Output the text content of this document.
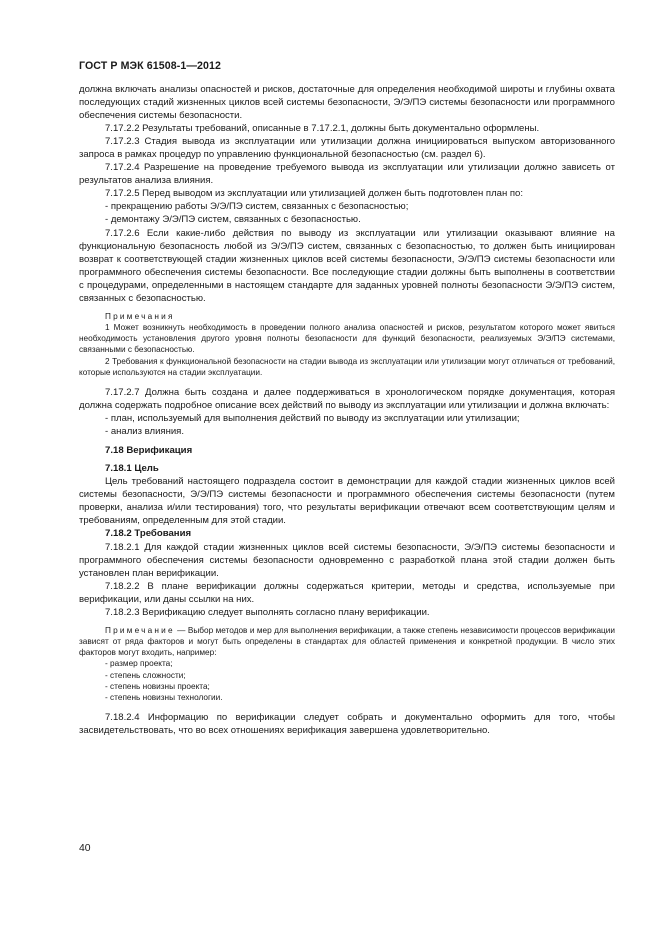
ГОСТ Р МЭК 61508-1—2012

должна включать анализы опасностей и рисков, достаточные для определения необходимой широты и глубины охвата последующих стадий жизненных циклов всей системы безопасности, Э/Э/ПЭ системы безопасности или программного обеспечения системы безопасности.

7.17.2.2 Результаты требований, описанные в 7.17.2.1, должны быть документально оформлены.

7.17.2.3 Стадия вывода из эксплуатации или утилизации должна инициироваться выпуском авторизованного запроса в рамках процедур по управлению функциональной безопасностью (см. раздел 6).

7.17.2.4 Разрешение на проведение требуемого вывода из эксплуатации или утилизации должно зависеть от результатов анализа влияния.

7.17.2.5 Перед выводом из эксплуатации или утилизацией должен быть подготовлен план по:

- прекращению работы Э/Э/ПЭ систем, связанных с безопасностью;

- демонтажу Э/Э/ПЭ систем, связанных с безопасностью.

7.17.2.6 Если какие-либо действия по выводу из эксплуатации или утилизации оказывают влияние на функциональную безопасность любой из Э/Э/ПЭ систем, связанных с безопасностью, то должен быть инициирован возврат к соответствующей стадии жизненных циклов всей системы безопасности, Э/Э/ПЭ системы безопасности или программного обеспечения системы безопасности. Все последующие стадии должны быть выполнены в соответствии с процедурами, определенными в настоящем стандарте для заданных уровней полноты безопасности Э/Э/ПЭ систем, связанных с безопасностью.

Примечания

1 Может возникнуть необходимость в проведении полного анализа опасностей и рисков, результатом которого может явиться необходимость установления другого уровня полноты безопасности для функций безопасности, реализуемых Э/Э/ПЭ системами, связанными с безопасностью.

2 Требования к функциональной безопасности на стадии вывода из эксплуатации или утилизации могут отличаться от требований, которые используются на стадии эксплуатации.

7.17.2.7 Должна быть создана и далее поддерживаться в хронологическом порядке документация, которая должна содержать подробное описание всех действий по выводу из эксплуатации или утилизации и должна включать:

- план, используемый для выполнения действий по выводу из эксплуатации или утилизации;

- анализ влияния.

7.18 Верификация

7.18.1 Цель

Цель требований настоящего подраздела состоит в демонстрации для каждой стадии жизненных циклов всей системы безопасности, Э/Э/ПЭ системы безопасности и программного обеспечения системы безопасности (путем проверки, анализа и/или тестирования) того, что результаты верификации отвечают всем соответствующим целям и требованиям, определенным для этой стадии.

7.18.2 Требования

7.18.2.1 Для каждой стадии жизненных циклов всей системы безопасности, Э/Э/ПЭ системы безопасности и программного обеспечения системы безопасности одновременно с разработкой плана этой стадии должен быть установлен план верификации.

7.18.2.2 В плане верификации должны содержаться критерии, методы и средства, используемые при верификации, или даны ссылки на них.

7.18.2.3 Верификацию следует выполнять согласно плану верификации.

Примечание — Выбор методов и мер для выполнения верификации, а также степень независимости процессов верификации зависят от ряда факторов и могут быть определены в стандартах для областей применения и конкретной продукции. В число этих факторов могут входить, например:

- размер проекта;

- степень сложности;

- степень новизны проекта;

- степень новизны технологии.

7.18.2.4 Информацию по верификации следует собрать и документально оформить для того, чтобы засвидетельствовать, что во всех отношениях верификация завершена удовлетворительно.

40
